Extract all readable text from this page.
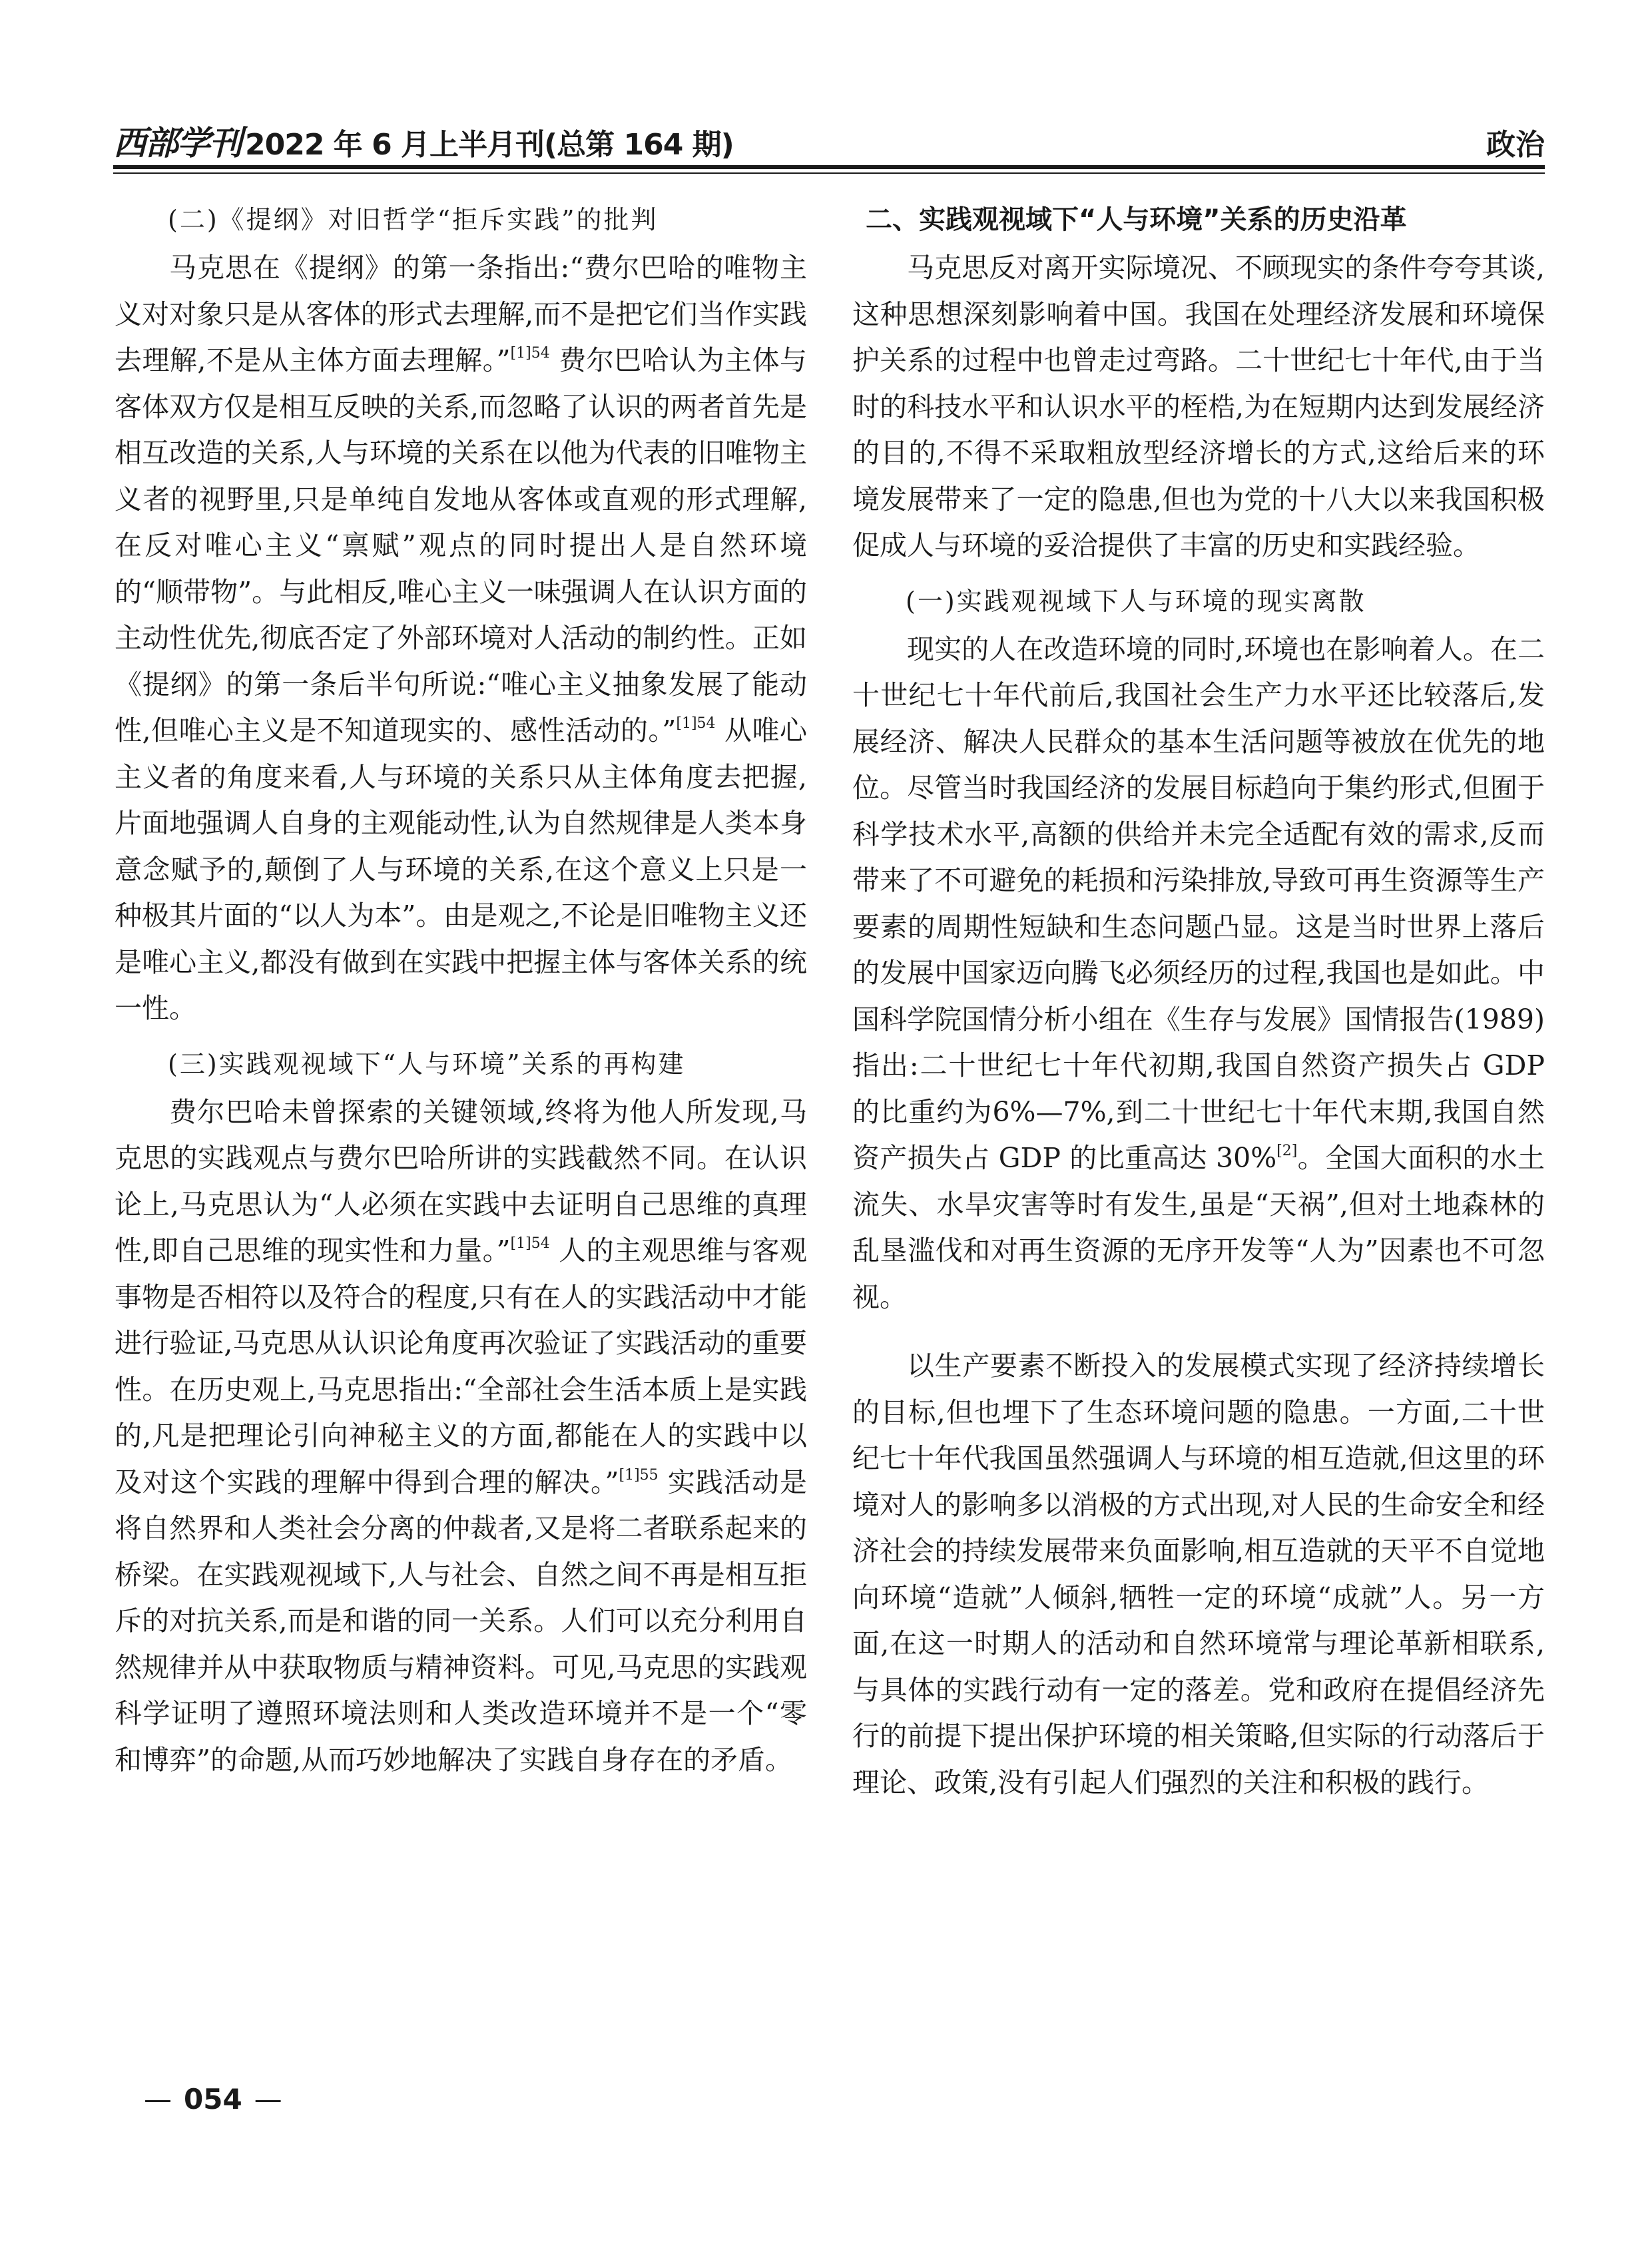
西部学刊 2022 年 6 月上半月刊(总第 164 期)	政治

(二)《提纲》对旧哲学“拒斥实践”的批判

马克思在《提纲》的第一条指出:“费尔巴哈的唯物主义对对象只是从客体的形式去理解,而不是把它们当作实践去理解,不是从主体方面去理解。”$^{[1]54}$ 费尔巴哈认为主体与客体双方仅是相互反映的关系,而忽略了认识的两者首先是相互改造的关系,人与环境的关系在以他为代表的旧唯物主义者的视野里,只是单纯自发地从客体或直观的形式理解,在反对唯心主义“禀赋”观点的同时提出人是自然环境的“顺带物”。与此相反,唯心主义一味强调人在认识方面的主动性优先,彻底否定了外部环境对人活动的制约性。正如《提纲》的第一条后半句所说:“唯心主义抽象发展了能动性,但唯心主义是不知道现实的、感性活动的。”$^{[1]54}$ 从唯心主义者的角度来看,人与环境的关系只从主体角度去把握,片面地强调人自身的主观能动性,认为自然规律是人类本身意念赋予的,颠倒了人与环境的关系,在这个意义上只是一种极其片面的“以人为本”。由是观之,不论是旧唯物主义还是唯心主义,都没有做到在实践中把握主体与客体关系的统一性。

(三)实践观视域下“人与环境”关系的再构建

费尔巴哈未曾探索的关键领域,终将为他人所发现,马克思的实践观点与费尔巴哈所讲的实践截然不同。在认识论上,马克思认为“人必须在实践中去证明自己思维的真理性,即自己思维的现实性和力量。”$^{[1]54}$ 人的主观思维与客观事物是否相符以及符合的程度,只有在人的实践活动中才能进行验证,马克思从认识论角度再次验证了实践活动的重要性。在历史观上,马克思指出:“全部社会生活本质上是实践的,凡是把理论引向神秘主义的方面,都能在人的实践中以及对这个实践的理解中得到合理的解决。”$^{[1]55}$ 实践活动是将自然界和人类社会分离的仲裁者,又是将二者联系起来的桥梁。在实践观视域下,人与社会、自然之间不再是相互拒斥的对抗关系,而是和谐的同一关系。人们可以充分利用自然规律并从中获取物质与精神资料。可见,马克思的实践观科学证明了遵照环境法则和人类改造环境并不是一个“零和博弈”的命题,从而巧妙地解决了实践自身存在的矛盾。

二、实践观视域下“人与环境”关系的历史沿革

马克思反对离开实际境况、不顾现实的条件夸夸其谈,这种思想深刻影响着中国。我国在处理经济发展和环境保护关系的过程中也曾走过弯路。二十世纪七十年代,由于当时的科技水平和认识水平的桎梏,为在短期内达到发展经济的目的,不得不采取粗放型经济增长的方式,这给后来的环境发展带来了一定的隐患,但也为党的十八大以来我国积极促成人与环境的妥洽提供了丰富的历史和实践经验。

(一)实践观视域下人与环境的现实离散

现实的人在改造环境的同时,环境也在影响着人。在二十世纪七十年代前后,我国社会生产力水平还比较落后,发展经济、解决人民群众的基本生活问题等被放在优先的地位。尽管当时我国经济的发展目标趋向于集约形式,但囿于科学技术水平,高额的供给并未完全适配有效的需求,反而带来了不可避免的耗损和污染排放,导致可再生资源等生产要素的周期性短缺和生态问题凸显。这是当时世界上落后的发展中国家迈向腾飞必须经历的过程,我国也是如此。中国科学院国情分析小组在《生存与发展》国情报告(1989)指出:二十世纪七十年代初期,我国自然资产损失占 GDP 的比重约为6%—7%,到二十世纪七十年代末期,我国自然资产损失占 GDP 的比重高达 30%[2]。全国大面积的水土流失、水旱灾害等时有发生,虽是“天祸”,但对土地森林的乱垦滥伐和对再生资源的无序开发等“人为”因素也不可忽视。

以生产要素不断投入的发展模式实现了经济持续增长的目标,但也埋下了生态环境问题的隐患。一方面,二十世纪七十年代我国虽然强调人与环境的相互造就,但这里的环境对人的影响多以消极的方式出现,对人民的生命安全和经济社会的持续发展带来负面影响,相互造就的天平不自觉地向环境“造就”人倾斜,牺牲一定的环境“成就”人。另一方面,在这一时期人的活动和自然环境常与理论革新相联系,与具体的实践行动有一定的落差。党和政府在提倡经济先行的前提下提出保护环境的相关策略,但实际的行动落后于理论、政策,没有引起人们强烈的关注和积极的践行。

— 054 —
